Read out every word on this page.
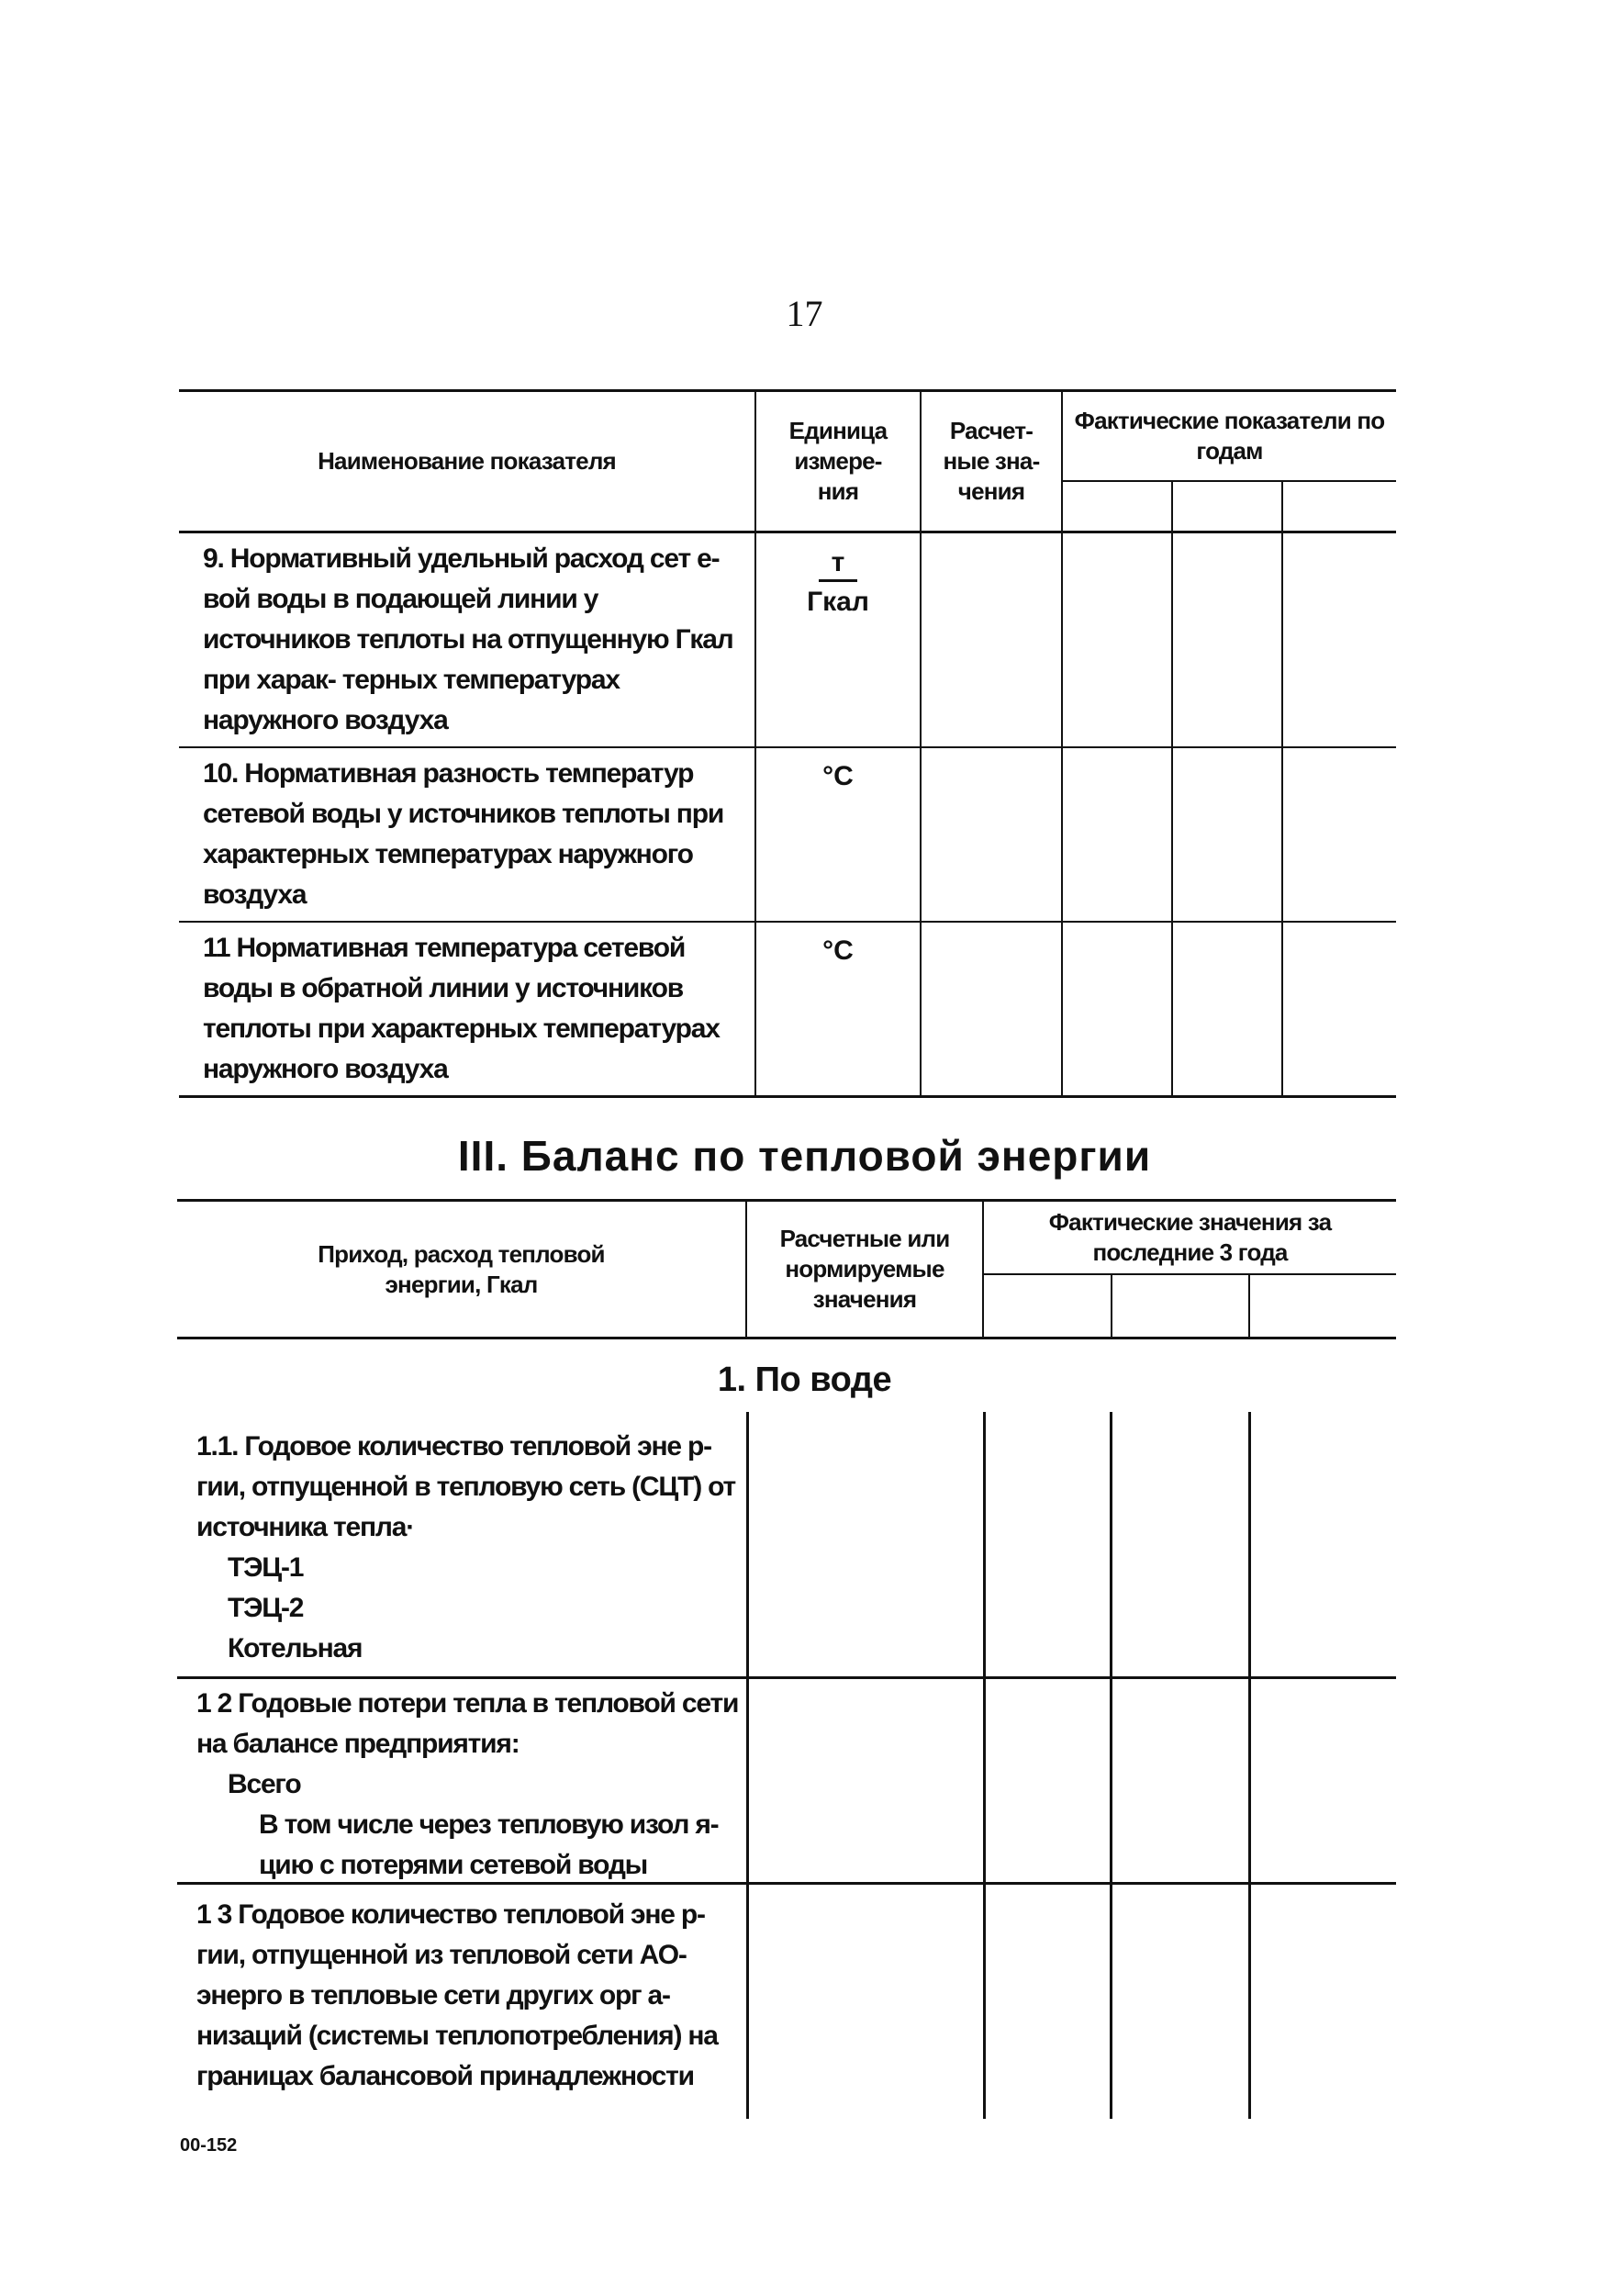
17
Наименование показателя	Единица измере- ния	Расчет- ные зна- чения	Фактические показатели по годам		

9. Нормативный удельный расход сет е- вой воды в подающей линии у источников теплоты на отпущенную Гкал при харак- терных температурах наружного воздуха	т
Гкал				
10. Нормативная разность температур сетевой воды у источников теплоты при характерных температурах наружного воздуха	°C				
11 Нормативная температура сетевой воды в обратной линии у источников теплоты при характерных температурах наружного воздуха	°C				
III. Баланс по тепловой энергии
Приход, расход тепловой энергии, Гкал	Расчетные или нормируемые значения	Фактические значения за последние 3 года		

1. По воде
1.1. Годовое количество тепловой эне р- гии, отпущенной в тепловую сеть (СЦТ) от источника тепла·
ТЭЦ-1
ТЭЦ-2
Котельная
1 2 Годовые потери тепла в тепловой сети на балансе предприятия:
Всего
В том числе через тепловую изол я- цию с потерями сетевой воды
1 3 Годовое количество тепловой эне р- гии, отпущенной из тепловой сети АО-энерго в тепловые сети других орг а- низаций (системы теплопотребления) на границах балансовой принадлежности
00-152
